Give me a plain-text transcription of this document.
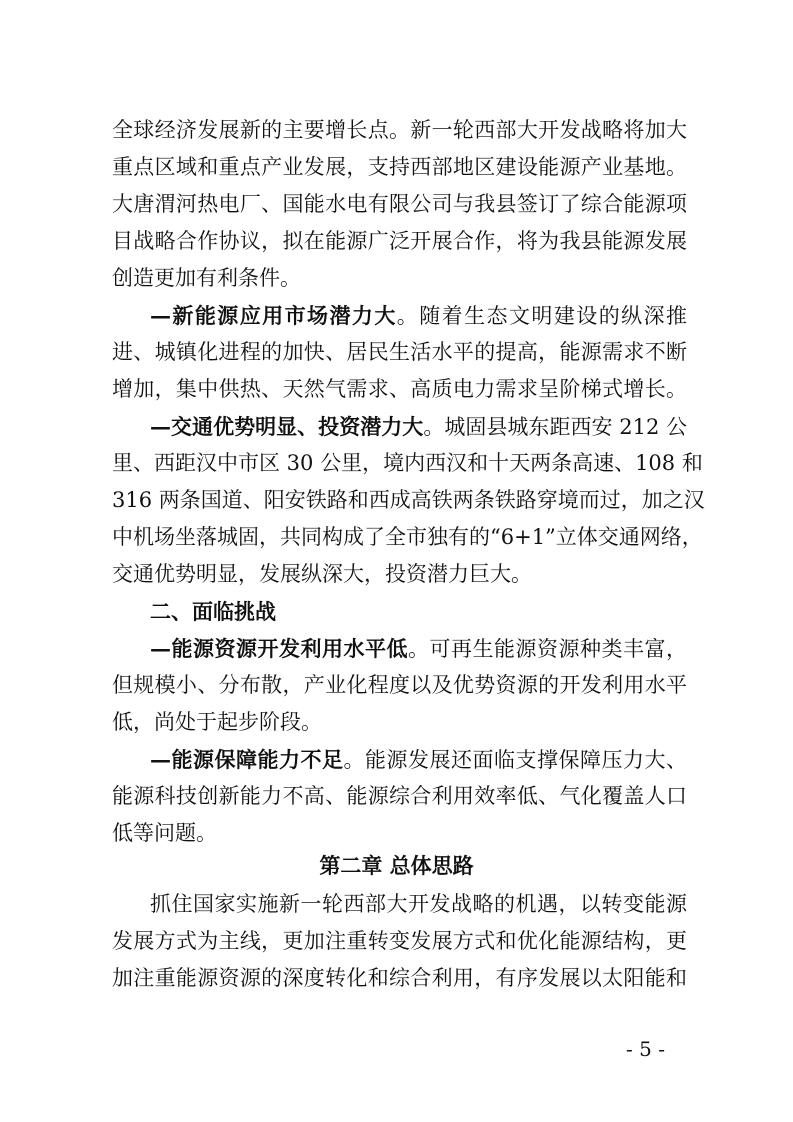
全球经济发展新的主要增长点。新一轮西部大开发战略将加大
重点区域和重点产业发展，支持西部地区建设能源产业基地。
大唐渭河热电厂、国能水电有限公司与我县签订了综合能源项
目战略合作协议，拟在能源广泛开展合作，将为我县能源发展
创造更加有利条件。
—新能源应用市场潜力大。随着生态文明建设的纵深推
进、城镇化进程的加快、居民生活水平的提高，能源需求不断
增加，集中供热、天然气需求、高质电力需求呈阶梯式增长。
—交通优势明显、投资潜力大。城固县城东距西安 212 公
里、西距汉中市区 30 公里，境内西汉和十天两条高速、108 和
316 两条国道、阳安铁路和西成高铁两条铁路穿境而过，加之汉
中机场坐落城固，共同构成了全市独有的“6+1”立体交通网络，
交通优势明显，发展纵深大，投资潜力巨大。
二、面临挑战
—能源资源开发利用水平低。可再生能源资源种类丰富，
但规模小、分布散，产业化程度以及优势资源的开发利用水平
低，尚处于起步阶段。
—能源保障能力不足。能源发展还面临支撑保障压力大、
能源科技创新能力不高、能源综合利用效率低、气化覆盖人口
低等问题。
第二章 总体思路
抓住国家实施新一轮西部大开发战略的机遇，以转变能源
发展方式为主线，更加注重转变发展方式和优化能源结构，更
加注重能源资源的深度转化和综合利用，有序发展以太阳能和
- 5 -
